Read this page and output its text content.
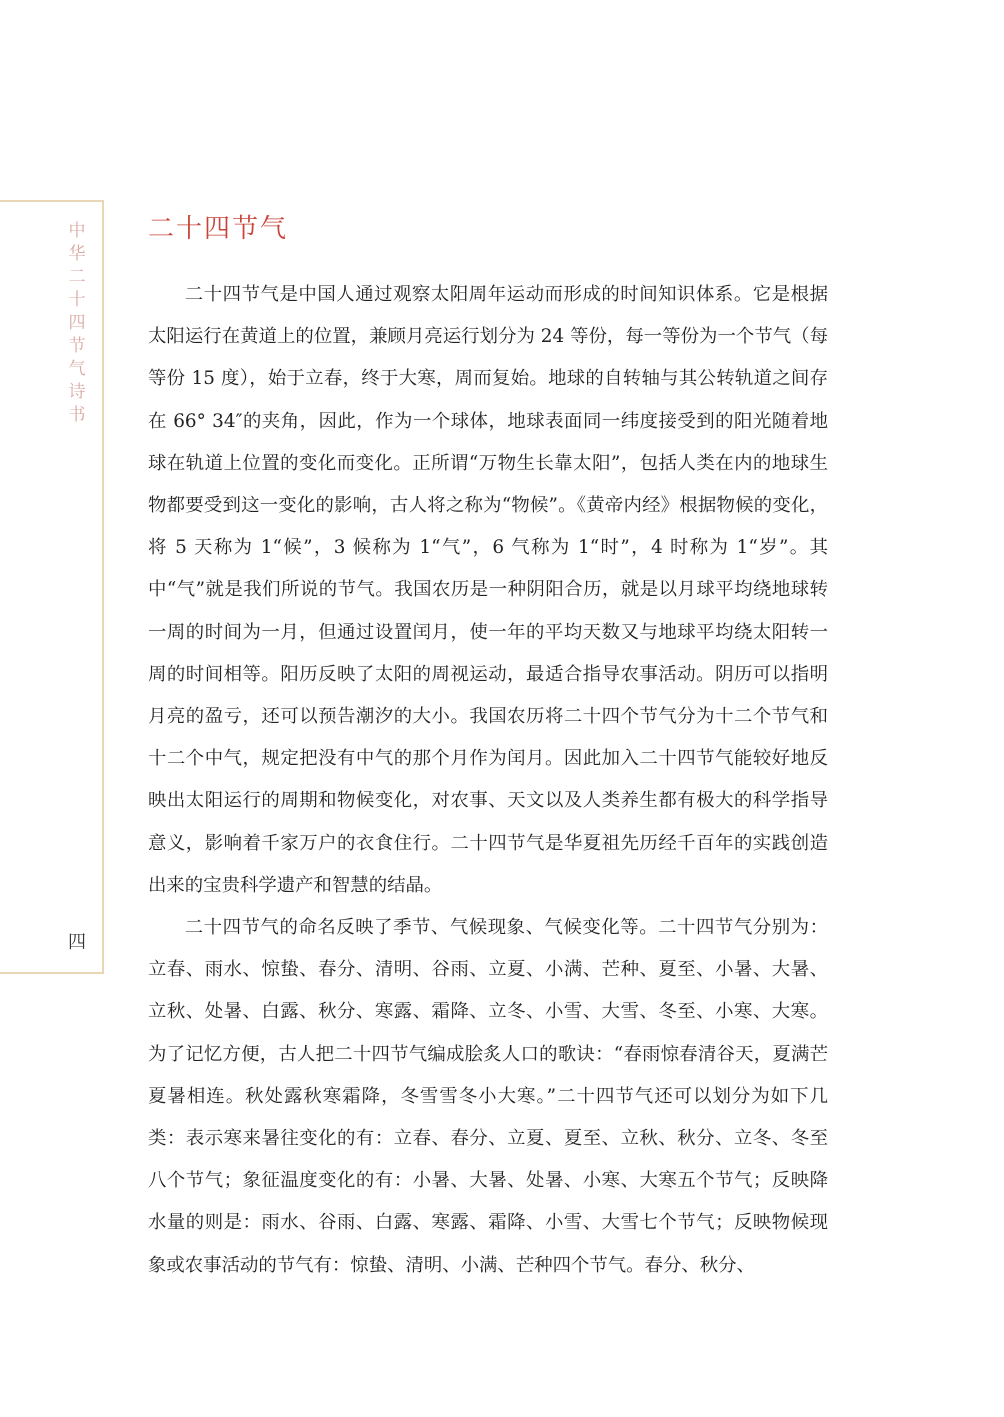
中华二十四节气诗书
四
二十四节气

二十四节气是中国人通过观察太阳周年运动而形成的时间知识体系。它是根据太阳运行在黄道上的位置，兼顾月亮运行划分为 24 等份，每一等份为一个节气（每等份 15 度），始于立春，终于大寒，周而复始。地球的自转轴与其公转轨道之间存在 66° 34″的夹角，因此，作为一个球体，地球表面同一纬度接受到的阳光随着地球在轨道上位置的变化而变化。正所谓“万物生长靠太阳”，包括人类在内的地球生物都要受到这一变化的影响，古人将之称为“物候”。《黄帝内经》根据物候的变化，将 5 天称为 1“候”，3 候称为 1“气”，6 气称为 1“时”，4 时称为 1“岁”。其中“气”就是我们所说的节气。我国农历是一种阴阳合历，就是以月球平均绕地球转一周的时间为一月，但通过设置闰月，使一年的平均天数又与地球平均绕太阳转一周的时间相等。阳历反映了太阳的周视运动，最适合指导农事活动。阴历可以指明月亮的盈亏，还可以预告潮汐的大小。我国农历将二十四个节气分为十二个节气和十二个中气，规定把没有中气的那个月作为闰月。因此加入二十四节气能较好地反映出太阳运行的周期和物候变化，对农事、天文以及人类养生都有极大的科学指导意义，影响着千家万户的衣食住行。二十四节气是华夏祖先历经千百年的实践创造出来的宝贵科学遗产和智慧的结晶。

二十四节气的命名反映了季节、气候现象、气候变化等。二十四节气分别为：立春、雨水、惊蛰、春分、清明、谷雨、立夏、小满、芒种、夏至、小暑、大暑、立秋、处暑、白露、秋分、寒露、霜降、立冬、小雪、大雪、冬至、小寒、大寒。为了记忆方便，古人把二十四节气编成脍炙人口的歌诀：“春雨惊春清谷天，夏满芒夏暑相连。秋处露秋寒霜降，冬雪雪冬小大寒。”二十四节气还可以划分为如下几类：表示寒来暑往变化的有：立春、春分、立夏、夏至、立秋、秋分、立冬、冬至八个节气；象征温度变化的有：小暑、大暑、处暑、小寒、大寒五个节气；反映降水量的则是：雨水、谷雨、白露、寒露、霜降、小雪、大雪七个节气；反映物候现象或农事活动的节气有：惊蛰、清明、小满、芒种四个节气。春分、秋分、
